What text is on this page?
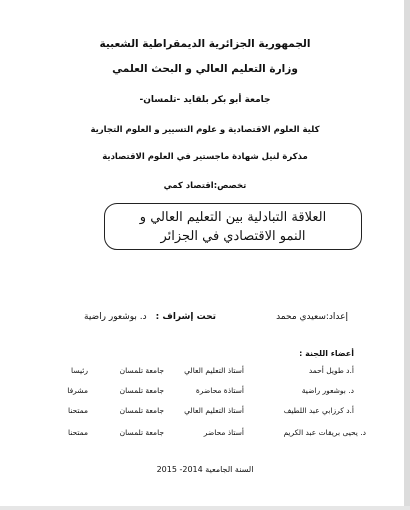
الجمهورية الجزائرية الديمقراطية الشعبية
وزارة التعليم العالي و البحث العلمي
جامعة أبو بكر بلقايد -تلمسان-
كلية العلوم الاقتصادية و علوم التسيير و العلوم التجارية
مذكرة لنيل شهادة ماجستير في العلوم الاقتصادية
تخصص:اقتصاد كمي
العلاقة التبادلية بين التعليم العالي و
النمو الاقتصادي في الجزائر
إعداد:سعيدي محمد
تحت إشراف :
د. بوشعور راضية
أعضاء اللجنة :
أ.د طويل أحمد
أستاذ التعليم العالي
جامعة تلمسان
رئيسا
د. بوشعور راضية
أستاذة محاضرة
جامعة تلمسان
مشرفا
أ.د كرزابي عبد اللطيف
أستاذ التعليم العالي
جامعة تلمسان
ممتحنا
د. يحيى بريقات عبد الكريم
أستاذ محاضر
جامعة تلمسان
ممتحنا
السنة الجامعية 2014- 2015
